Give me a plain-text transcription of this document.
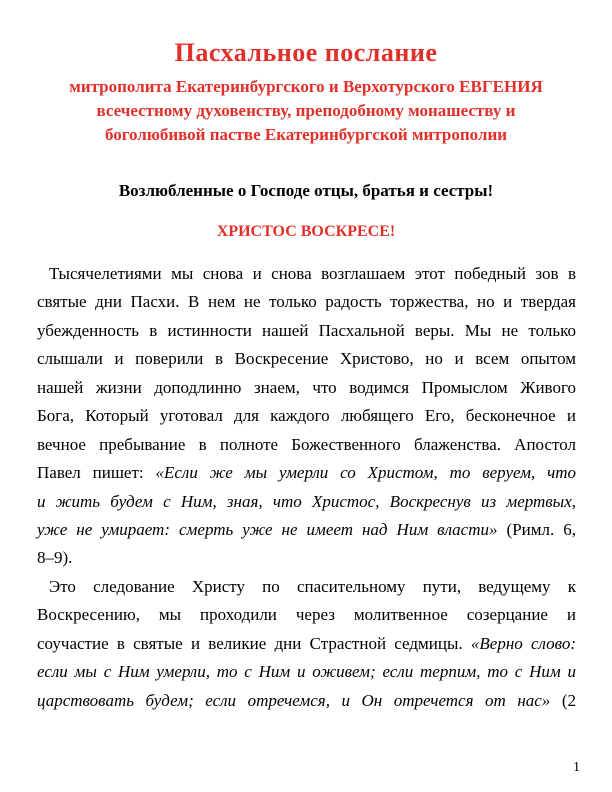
Пасхальное послание
митрополита Екатеринбургского и Верхотурского ЕВГЕНИЯ
всечестному духовенству, преподобному монашеству и
боголюбивой пастве Екатеринбургской митрополии
Возлюбленные о Господе отцы, братья и сестры!
ХРИСТОС ВОСКРЕСЕ!
Тысячелетиями мы снова и снова возглашаем этот победный зов в
святые дни Пасхи. В нем не только радость торжества, но и твердая
убежденность в истинности нашей Пасхальной веры. Мы не только
слышали и поверили в Воскресение Христово, но и всем опытом
нашей жизни доподлинно знаем, что водимся Промыслом Живого
Бога, Который уготовал для каждого любящего Его, бесконечное и
вечное пребывание в полноте Божественного блаженства. Апостол
Павел пишет: «Если же мы умерли со Христом, то веруем, что
и жить будем с Ним, зная, что Христос, Воскреснув из мертвых,
уже не умирает: смерть уже не имеет над Ним власти» (Римл. 6,
8–9).
Это следование Христу по спасительному пути, ведущему к
Воскресению, мы проходили через молитвенное созерцание и
соучастие в святые и великие дни Страстной седмицы. «Верно слово:
если мы с Ним умерли, то с Ним и оживем; если терпим, то с Ним и
царствовать будем; если отречемся, и Он отречется от нас» (2
1
